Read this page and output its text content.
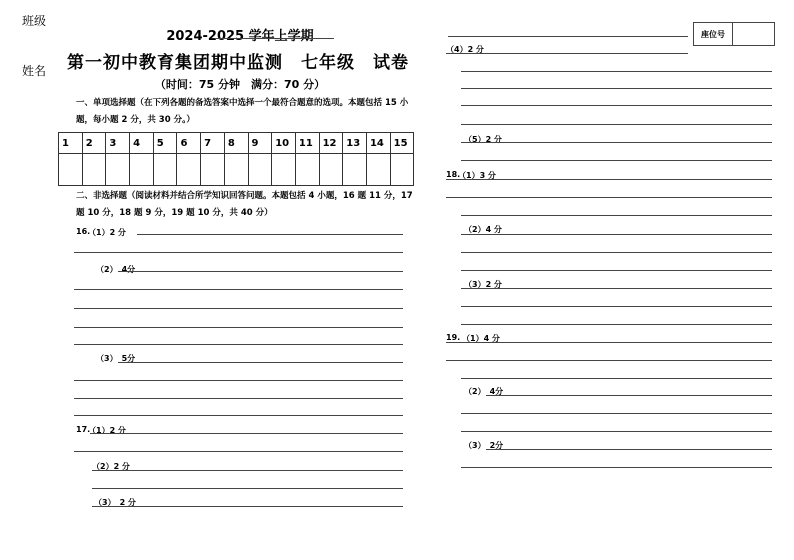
班级
姓名
2024-2025 学年上学期
第一初中教育集团期中监测　七年级　试卷
（时间：75 分钟　满分：70 分）
座位号
一、单项选择题（在下列各题的备选答案中选择一个最符合题意的选项。本题包括 15 小题，每小题 2 分，共 30 分。）
1	2	3	4	5	6	7	8	9	10	11	12	13	14	15

二、非选择题（阅读材料并结合所学知识回答问题。本题包括 4 小题，16 题 11 分，17 题 10 分，18 题 9 分，19 题 10 分，共 40 分）
16.
（1）2 分
（2）　4分
（3）　5分
17.
（1）2 分
（2）2 分
（3）　2 分
（4）2 分
（5）2 分
18.
（1）3 分
（2）4 分
（3）2 分
19. （1）4 分
（2）　4分
（3）　2分
